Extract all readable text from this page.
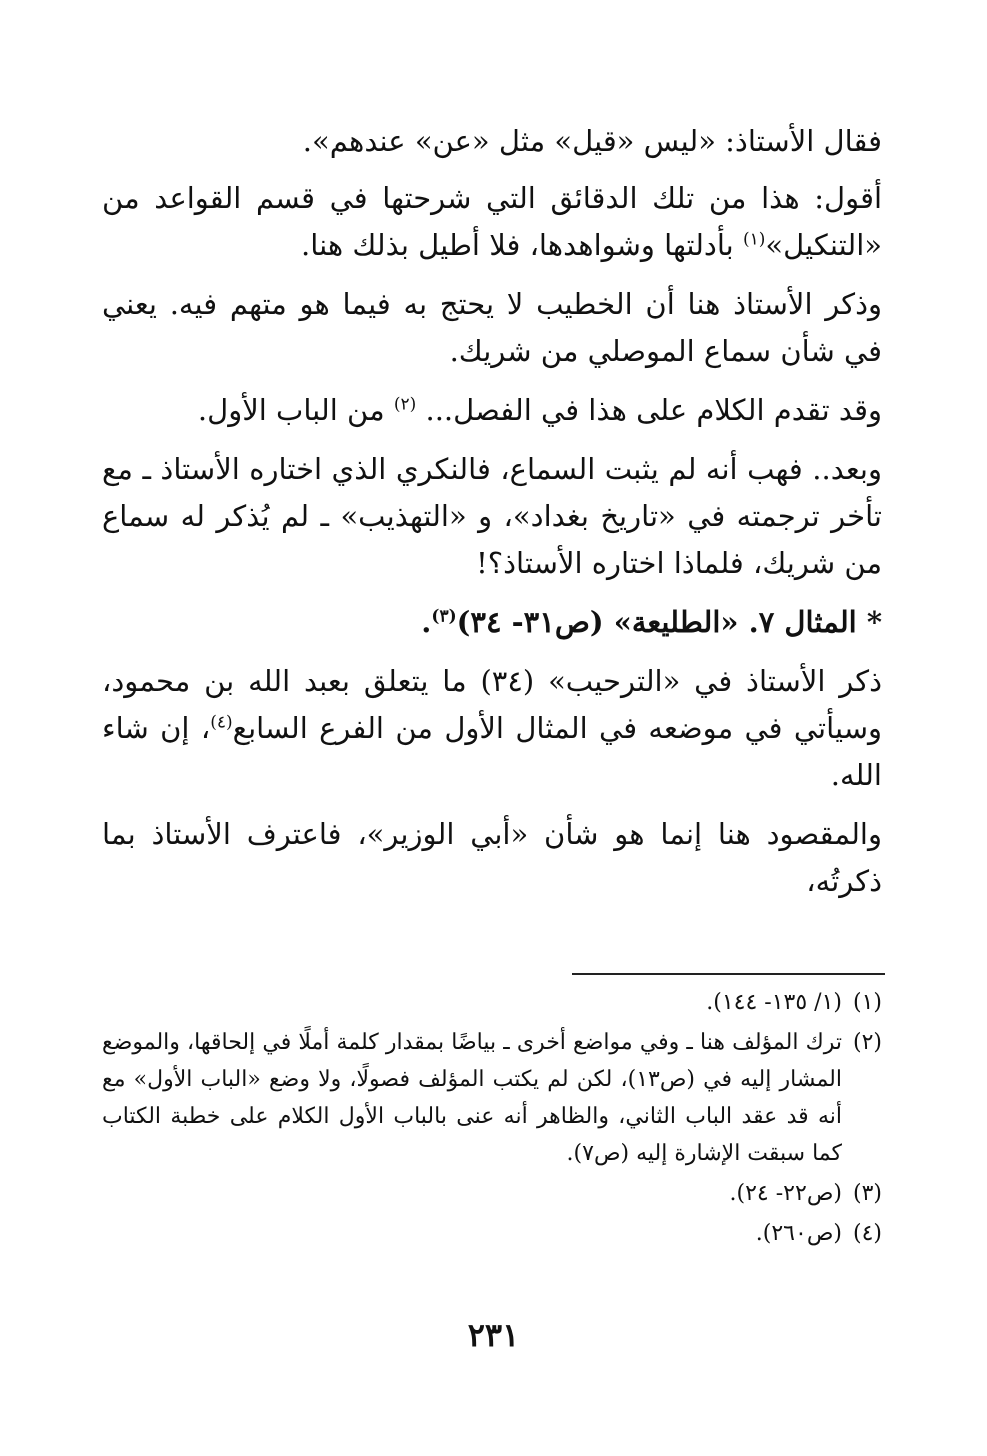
فقال الأستاذ: «ليس «قيل» مثل «عن» عندهم».

أقول: هذا من تلك الدقائق التي شرحتها في قسم القواعد من «التنكيل»$^{(١)}$ بأدلتها وشواهدها، فلا أطيل بذلك هنا.

وذكر الأستاذ هنا أن الخطيب لا يحتج به فيما هو متهم فيه. يعني في شأن سماع الموصلي من شريك.

وقد تقدم الكلام على هذا في الفصل... $^{(٢)}$ من الباب الأول.

وبعد.. فهب أنه لم يثبت السماع، فالنكري الذي اختاره الأستاذ ـ مع تأخر ترجمته في «تاريخ بغداد»، و «التهذيب» ـ لم يُذكر له سماع من شريك، فلماذا اختاره الأستاذ؟!

* المثال ٧. «الطليعة» (ص٣١- ٣٤)$^{(٣)}$.

ذكر الأستاذ في «الترحيب» (٣٤) ما يتعلق بعبد الله بن محمود، وسيأتي في موضعه في المثال الأول من الفرع السابع$^{(٤)}$، إن شاء الله.

والمقصود هنا إنما هو شأن «أبي الوزير»، فاعترف الأستاذ بما ذكرتُه،

(١)
(١/ ١٣٥- ١٤٤).
(٢)
ترك المؤلف هنا ـ وفي مواضع أخرى ـ بياضًا بمقدار كلمة أملًا في إلحاقها، والموضع المشار إليه في (ص١٣)، لكن لم يكتب المؤلف فصولًا، ولا وضع «الباب الأول» مع أنه قد عقد الباب الثاني، والظاهر أنه عنى بالباب الأول الكلام على خطبة الكتاب كما سبقت الإشارة إليه (ص٧).
(٣)
(ص٢٢- ٢٤).
(٤)
(ص٢٦٠).
٢٣١
